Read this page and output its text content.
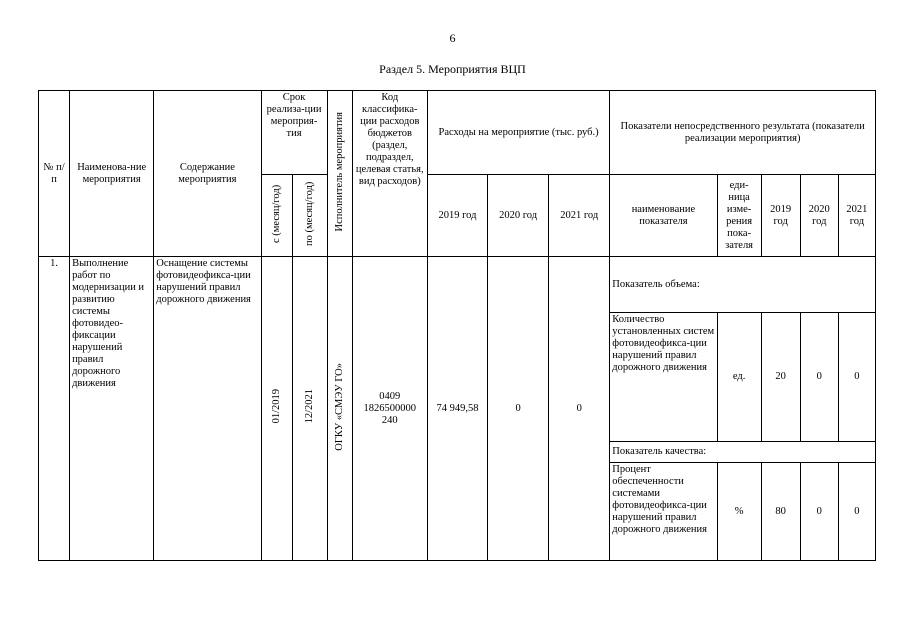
6
Раздел 5. Мероприятия ВЦП
№ п/п	Наименова-ние мероприятия	Содержание мероприятия	Срок реализа-ции мероприя-тия		Исполнитель мероприятия	Код классифика-ции расходов бюджетов (раздел, подраздел, целевая статья, вид расходов)	Расходы на мероприятие (тыс. руб.)			Показатели непосредственного результата (показатели реализации мероприятия)				
			с (месяц/год)	по (месяц/год)			2019 год	2020 год	2021 год	наименование показателя	еди-ница изме-рения пока-зателя	2019 год	2020 год	2021 год
1.	Выполнение работ по модернизации и развитию системы фотовидео-фиксации нарушений правил дорожного движения	Оснащение системы фотовидеофикса-ции нарушений правил дорожного движения	01/2019	12/2021	ОГКУ «СМЭУ ГО»	0409 1826500000 240	74 949,58	0	0	Показатель объема:				
										Количество установленных систем фотовидеофикса-ции нарушений правил дорожного движения	ед.	20	0	0
										Показатель качества:				
										Процент обеспеченности системами фотовидеофикса-ции нарушений правил дорожного движения	%	80	0	0
